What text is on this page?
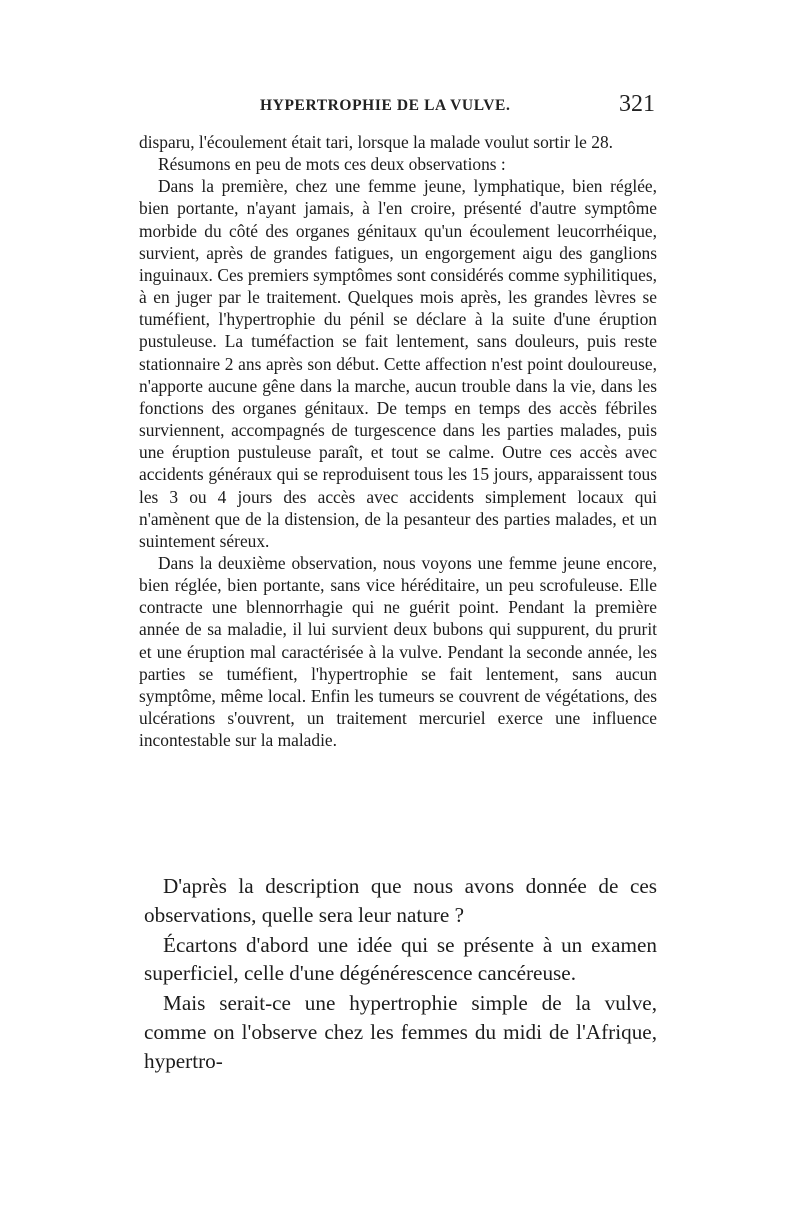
HYPERTROPHIE DE LA VULVE.	321

disparu, l'écoulement était tari, lorsque la malade voulut sortir le 28.

Résumons en peu de mots ces deux observations :

Dans la première, chez une femme jeune, lymphatique, bien réglée, bien portante, n'ayant jamais, à l'en croire, présenté d'autre symptôme morbide du côté des organes génitaux qu'un écoulement leucorrhéique, survient, après de grandes fatigues, un engorgement aigu des ganglions inguinaux. Ces premiers symptômes sont considérés comme syphilitiques, à en juger par le traitement. Quelques mois après, les grandes lèvres se tuméfient, l'hypertrophie du pénil se déclare à la suite d'une éruption pustuleuse. La tuméfaction se fait lentement, sans douleurs, puis reste stationnaire 2 ans après son début. Cette affection n'est point douloureuse, n'apporte aucune gêne dans la marche, aucun trouble dans la vie, dans les fonctions des organes génitaux. De temps en temps des accès fébriles surviennent, accompagnés de turgescence dans les parties malades, puis une éruption pustuleuse paraît, et tout se calme. Outre ces accès avec accidents généraux qui se reproduisent tous les 15 jours, apparaissent tous les 3 ou 4 jours des accès avec accidents simplement locaux qui n'amènent que de la distension, de la pesanteur des parties malades, et un suintement séreux.

Dans la deuxième observation, nous voyons une femme jeune encore, bien réglée, bien portante, sans vice héréditaire, un peu scrofuleuse. Elle contracte une blennorrhagie qui ne guérit point. Pendant la première année de sa maladie, il lui survient deux bubons qui suppurent, du prurit et une éruption mal caractérisée à la vulve. Pendant la seconde année, les parties se tuméfient, l'hypertrophie se fait lentement, sans aucun symptôme, même local. Enfin les tumeurs se couvrent de végétations, des ulcérations s'ouvrent, un traitement mercuriel exerce une influence incontestable sur la maladie.

D'après la description que nous avons donnée de ces observations, quelle sera leur nature ?

Écartons d'abord une idée qui se présente à un examen superficiel, celle d'une dégénérescence cancéreuse.

Mais serait-ce une hypertrophie simple de la vulve, comme on l'observe chez les femmes du midi de l'Afrique, hypertro-
